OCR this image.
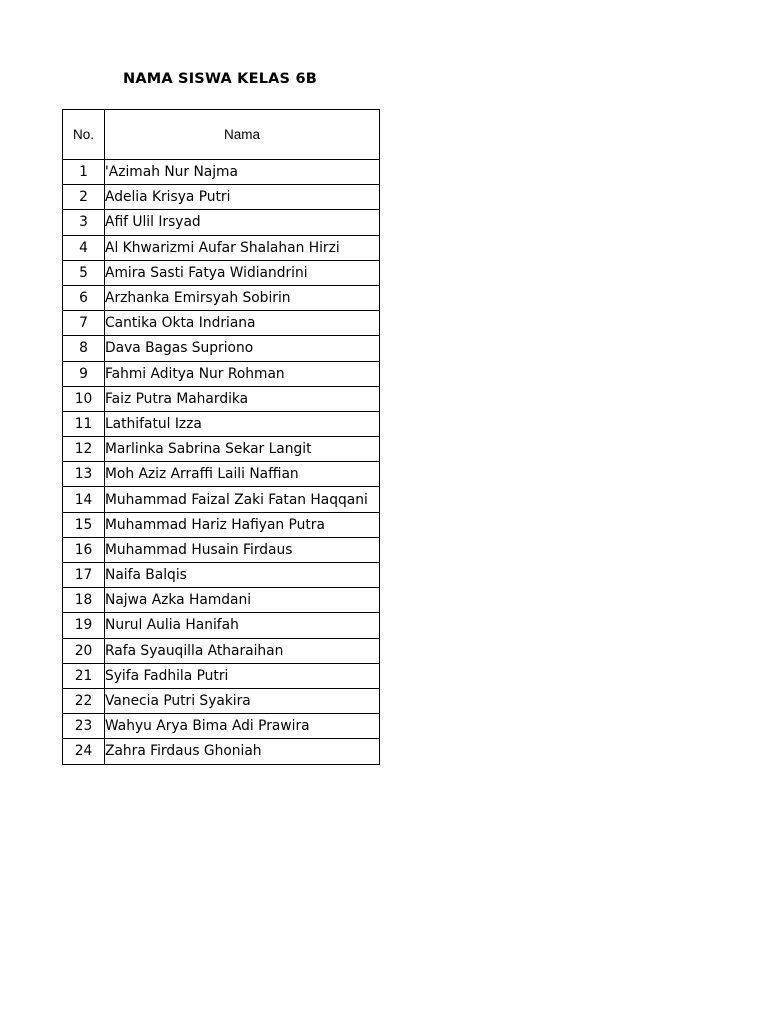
NAMA SISWA KELAS 6B
No.	Nama
1	'Azimah Nur Najma
2	Adelia Krisya Putri
3	Afif Ulil Irsyad
4	Al Khwarizmi Aufar Shalahan Hirzi
5	Amira Sasti Fatya Widiandrini
6	Arzhanka Emirsyah Sobirin
7	Cantika Okta Indriana
8	Dava Bagas Supriono
9	Fahmi Aditya Nur Rohman
10	Faiz Putra Mahardika
11	Lathifatul Izza
12	Marlinka Sabrina Sekar Langit
13	Moh Aziz Arraffi Laili Naffian
14	Muhammad Faizal Zaki Fatan Haqqani
15	Muhammad Hariz Hafiyan Putra
16	Muhammad Husain Firdaus
17	Naifa Balqis
18	Najwa Azka Hamdani
19	Nurul Aulia Hanifah
20	Rafa Syauqilla Atharaihan
21	Syifa Fadhila Putri
22	Vanecia Putri Syakira
23	Wahyu Arya Bima Adi Prawira
24	Zahra Firdaus Ghoniah
